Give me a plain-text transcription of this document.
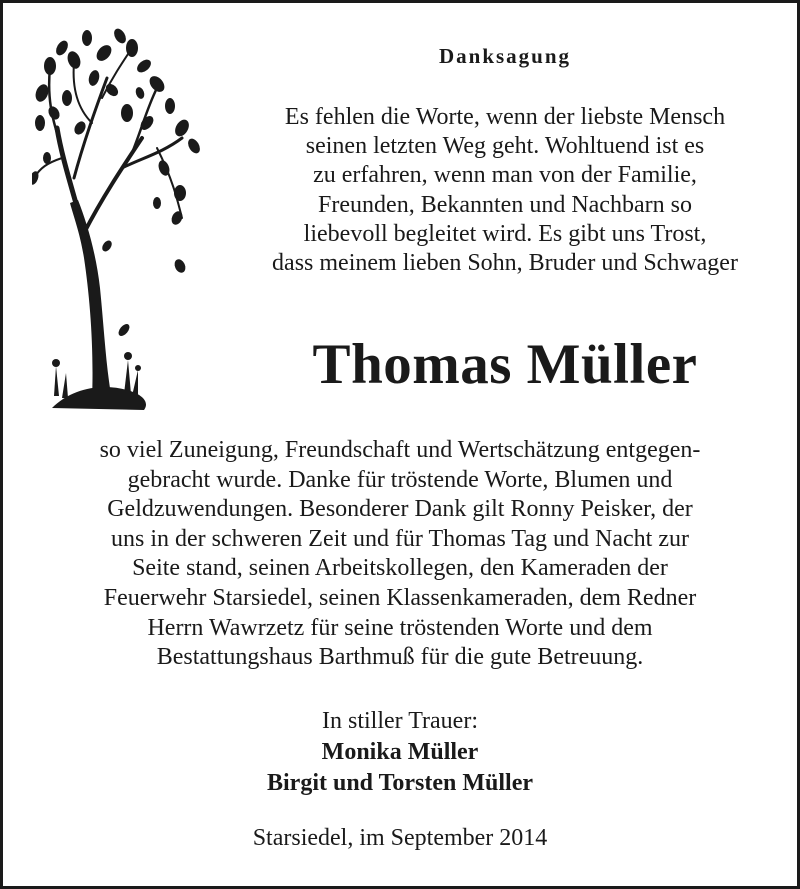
Danksagung
Es fehlen die Worte, wenn der liebste Mensch
seinen letzten Weg geht. Wohltuend ist es
zu erfahren, wenn man von der Familie,
Freunden, Bekannten und Nachbarn so
liebevoll begleitet wird. Es gibt uns Trost,
dass meinem lieben Sohn, Bruder und Schwager
Thomas Müller
so viel Zuneigung, Freundschaft und Wertschätzung entgegen-
gebracht wurde. Danke für tröstende Worte, Blumen und
Geldzuwendungen. Besonderer Dank gilt Ronny Peisker, der
uns in der schweren Zeit und für Thomas Tag und Nacht zur
Seite stand, seinen Arbeitskollegen, den Kameraden der
Feuerwehr Starsiedel, seinen Klassenkameraden, dem Redner
Herrn Wawrzetz für seine tröstenden Worte und dem
Bestattungshaus Barthmuß für die gute Betreuung.
In stiller Trauer:
Monika Müller
Birgit und Torsten Müller
Starsiedel, im September 2014
